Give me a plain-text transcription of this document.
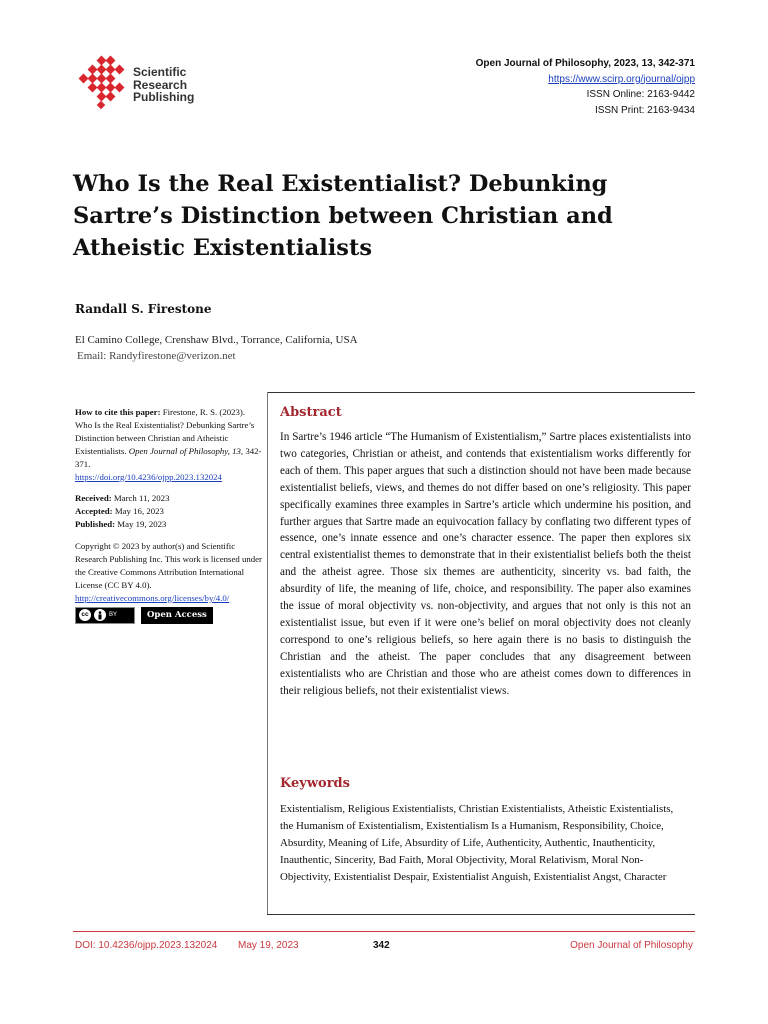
Scientific
Research
Publishing
Open Journal of Philosophy, 2023, 13, 342-371
https://www.scirp.org/journal/ojpp
ISSN Online: 2163-9442
ISSN Print: 2163-9434
Who Is the Real Existentialist? Debunking Sartre’s Distinction between Christian and Atheistic Existentialists
Randall S. Firestone
El Camino College, Crenshaw Blvd., Torrance, California, USA
Email: Randyfirestone@verizon.net
How to cite this paper: Firestone, R. S. (2023). Who Is the Real Existentialist? Debunking Sartre’s Distinction between Christian and Atheistic Existentialists. Open Journal of Philosophy, 13, 342-371.
https://doi.org/10.4236/ojpp.2023.132024
Received: March 11, 2023
Accepted: May 16, 2023
Published: May 19, 2023
Copyright © 2023 by author(s) and Scientific Research Publishing Inc. This work is licensed under the Creative Commons Attribution International License (CC BY 4.0).
http://creativecommons.org/licenses/by/4.0/
cc	BY	Open Access
Abstract
In Sartre’s 1946 article “The Humanism of Existentialism,” Sartre places existentialists into two categories, Christian or atheist, and contends that existentialism works differently for each of them. This paper argues that such a distinction should not have been made because existentialist beliefs, views, and themes do not differ based on one’s religiosity. This paper specifically examines three examples in Sartre’s article which undermine his position, and further argues that Sartre made an equivocation fallacy by conflating two different types of essence, one’s innate essence and one’s character essence. The paper then explores six central existentialist themes to demonstrate that in their existentialist beliefs both the theist and the atheist agree. Those six themes are authenticity, sincerity vs. bad faith, the absurdity of life, the meaning of life, choice, and responsibility. The paper also examines the issue of moral objectivity vs. non-objectivity, and argues that not only is this not an existentialist issue, but even if it were one’s belief on moral objectivity does not cleanly correspond to one’s religious beliefs, so here again there is no basis to distinguish the Christian and the atheist. The paper concludes that any disagreement between existentialists who are Christian and those who are atheist comes down to differences in their religious beliefs, not their existentialist views.
Keywords
Existentialism, Religious Existentialists, Christian Existentialists, Atheistic Existentialists, the Humanism of Existentialism, Existentialism Is a Humanism, Responsibility, Choice, Absurdity, Meaning of Life, Absurdity of Life, Authenticity, Authentic, Inauthenticity, Inauthentic, Sincerity, Bad Faith, Moral Objectivity, Moral Relativism, Moral Non-Objectivity, Existentialist Despair, Existentialist Anguish, Existentialist Angst, Character
DOI: 10.4236/ojpp.2023.132024 May 19, 2023	342	Open Journal of Philosophy
